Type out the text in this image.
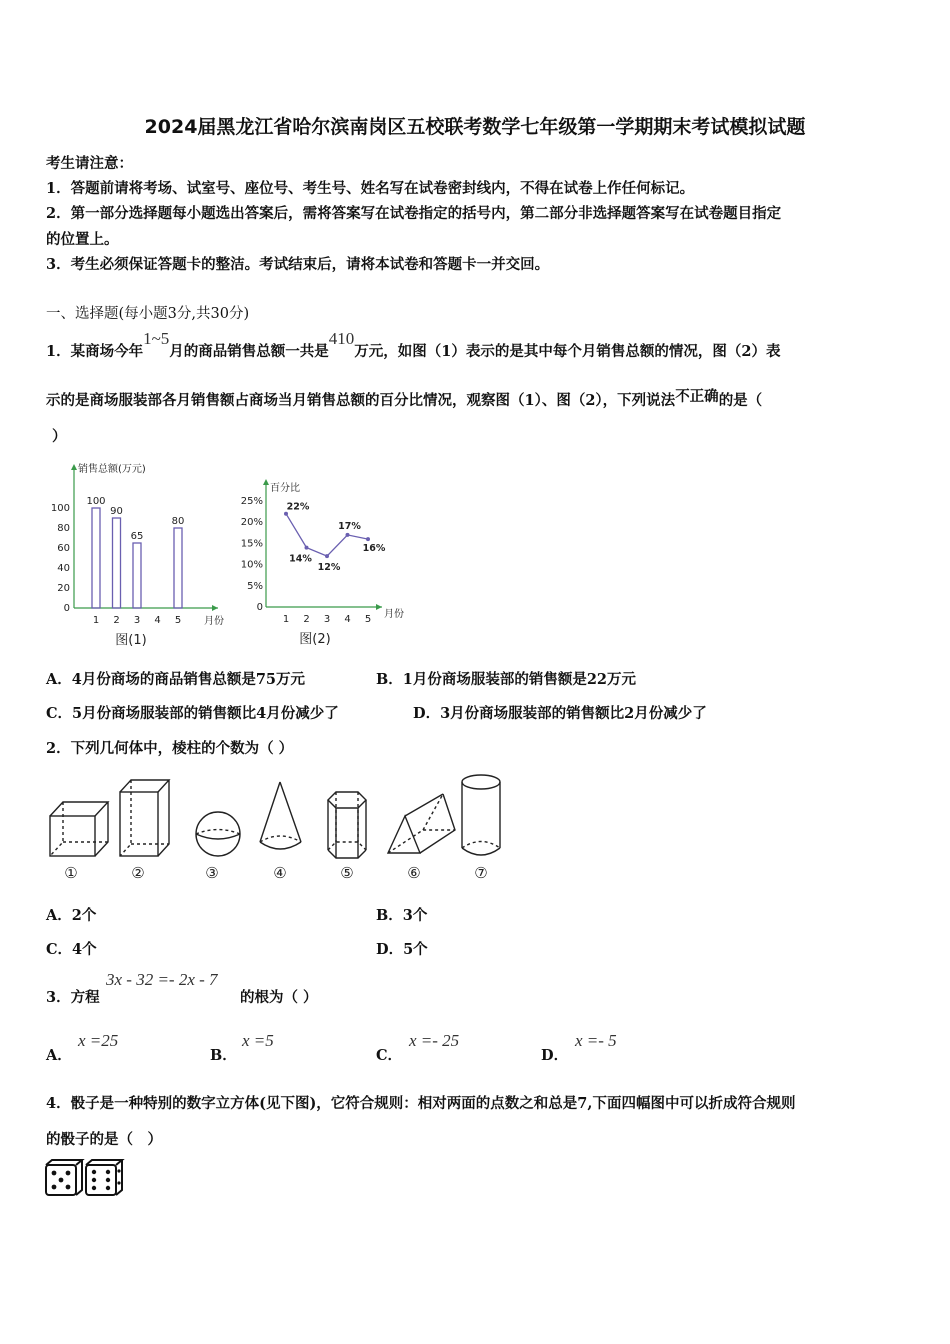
2024届黑龙江省哈尔滨南岗区五校联考数学七年级第一学期期末考试模拟试题
考生请注意：
1．答题前请将考场、试室号、座位号、考生号、姓名写在试卷密封线内，不得在试卷上作任何标记。
2．第一部分选择题每小题选出答案后，需将答案写在试卷指定的括号内，第二部分非选择题答案写在试卷题目指定
的位置上。
3．考生必须保证答题卡的整洁。考试结束后，请将本试卷和答题卡一并交回。
一、选择题(每小题3分,共30分)
1．某商场今年1~5月的商品销售总额一共是410万元，如图（1）表示的是其中每个月销售总额的情况，图（2）表
示的是商场服装部各月销售额占商场当月销售总额的百分比情况，观察图（1）、图（2），下列说法不正确的是（
）
销售总额(万元)
月份
0
20
40
60
80
100
1
100
2
90
3
65
4 5
80
图(1)
百分比
月份
0
5%
10%
15%
20%
25%
1
22%
2
14%
3
12%
4
17%
5
16%
图(2)
A．4月份商场的商品销售总额是75万元	B．1月份商场服装部的销售额是22万元
C．5月份商场服装部的销售额比4月份减少了	D．3月份商场服装部的销售额比2月份减少了
2．下列几何体中，棱柱的个数为（ ）
①	②	③	④	⑤	⑥	⑦
A．2个	B．3个
C．4个	D．5个
3．方程
3x - 32 =- 2x - 7
的根为（ ）
A．
x =25
B．
x =5
C．
x =- 25
D．
x =- 5
4．骰子是一种特别的数字立方体(见下图)，它符合规则：相对两面的点数之和总是7,下面四幅图中可以折成符合规则
的骰子的是（　）
